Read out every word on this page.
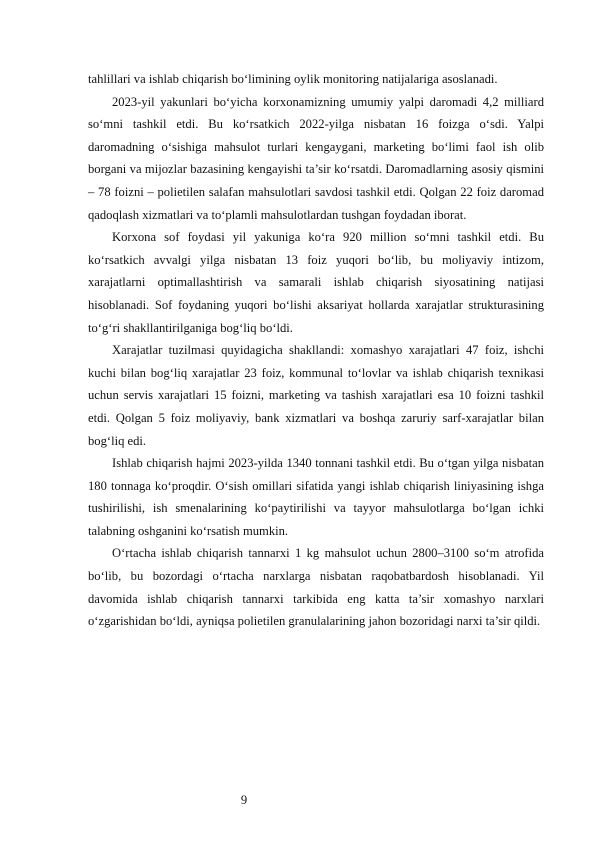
tahlillari va ishlab chiqarish bo‘limining oylik monitoring natijalariga asoslanadi.

2023-yil yakunlari bo‘yicha korxonamizning umumiy yalpi daromadi 4,2 milliard so‘mni tashkil etdi. Bu ko‘rsatkich 2022-yilga nisbatan 16 foizga o‘sdi. Yalpi daromadning o‘sishiga mahsulot turlari kengaygani, marketing bo‘limi faol ish olib borgani va mijozlar bazasining kengayishi ta’sir ko‘rsatdi. Daromadlarning asosiy qismini – 78 foizni – polietilen salafan mahsulotlari savdosi tashkil etdi. Qolgan 22 foiz daromad qadoqlash xizmatlari va to‘plamli mahsulotlardan tushgan foydadan iborat.

Korxona sof foydasi yil yakuniga ko‘ra 920 million so‘mni tashkil etdi. Bu ko‘rsatkich avvalgi yilga nisbatan 13 foiz yuqori bo‘lib, bu moliyaviy intizom, xarajatlarni optimallashtirish va samarali ishlab chiqarish siyosatining natijasi hisoblanadi. Sof foydaning yuqori bo‘lishi aksariyat hollarda xarajatlar strukturasining to‘g‘ri shakllantirilganiga bog‘liq bo‘ldi.

Xarajatlar tuzilmasi quyidagicha shakllandi: xomashyo xarajatlari 47 foiz, ishchi kuchi bilan bog‘liq xarajatlar 23 foiz, kommunal to‘lovlar va ishlab chiqarish texnikasi uchun servis xarajatlari 15 foizni, marketing va tashish xarajatlari esa 10 foizni tashkil etdi. Qolgan 5 foiz moliyaviy, bank xizmatlari va boshqa zaruriy sarf-xarajatlar bilan bog‘liq edi.

Ishlab chiqarish hajmi 2023-yilda 1340 tonnani tashkil etdi. Bu o‘tgan yilga nisbatan 180 tonnaga ko‘proqdir. O‘sish omillari sifatida yangi ishlab chiqarish liniyasining ishga tushirilishi, ish smenalarining ko‘paytirilishi va tayyor mahsulotlarga bo‘lgan ichki talabning oshganini ko‘rsatish mumkin.

O‘rtacha ishlab chiqarish tannarxi 1 kg mahsulot uchun 2800–3100 so‘m atrofida bo‘lib, bu bozordagi o‘rtacha narxlarga nisbatan raqobatbardosh hisoblanadi. Yil davomida ishlab chiqarish tannarxi tarkibida eng katta ta’sir xomashyo narxlari o‘zgarishidan bo‘ldi, ayniqsa polietilen granulalarining jahon bozoridagi narxi ta’sir qildi.

9
